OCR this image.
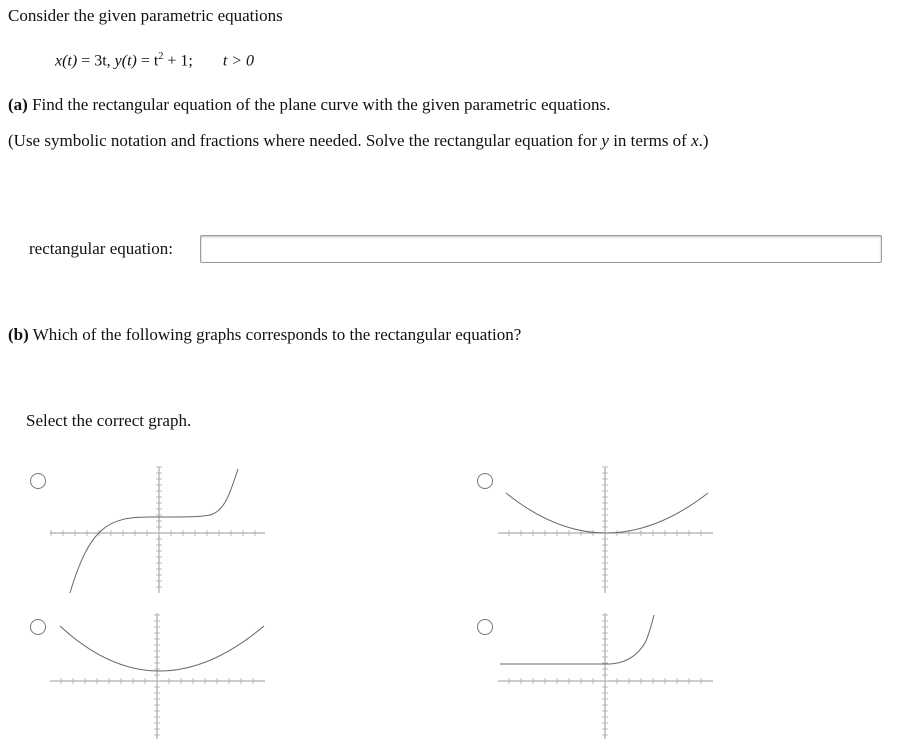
Consider the given parametric equations
x(t) = 3t, $y(t) = t^2 + 1$; t > 0
(a) Find the rectangular equation of the plane curve with the given parametric equations.
(Use symbolic notation and fractions where needed. Solve the rectangular equation for y in terms of x.)
rectangular equation:
(b) Which of the following graphs corresponds to the rectangular equation?
Select the correct graph.
